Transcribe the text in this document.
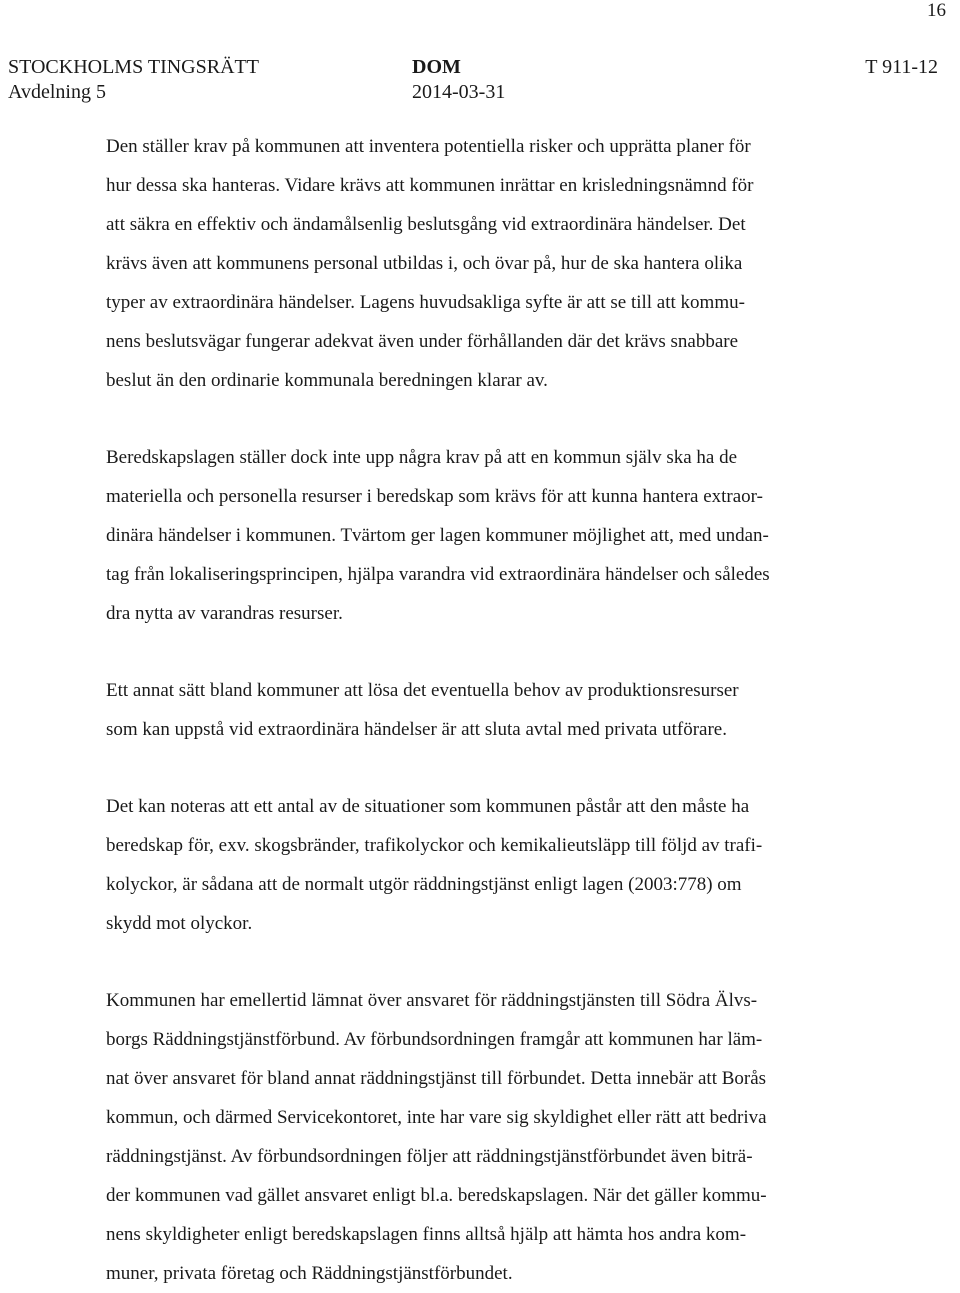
16
STOCKHOLMS TINGSRÄTT
Avdelning 5
DOM
2014-03-31
T 911-12

Den ställer krav på kommunen att inventera potentiella risker och upprätta planer för
hur dessa ska hanteras. Vidare krävs att kommunen inrättar en krisledningsnämnd för
att säkra en effektiv och ändamålsenlig beslutsgång vid extraordinära händelser. Det
krävs även att kommunens personal utbildas i, och övar på, hur de ska hantera olika
typer av extraordinära händelser. Lagens huvudsakliga syfte är att se till att kommu-
nens beslutsvägar fungerar adekvat även under förhållanden där det krävs snabbare
beslut än den ordinarie kommunala beredningen klarar av.

Beredskapslagen ställer dock inte upp några krav på att en kommun själv ska ha de
materiella och personella resurser i beredskap som krävs för att kunna hantera extraor-
dinära händelser i kommunen. Tvärtom ger lagen kommuner möjlighet att, med undan-
tag från lokaliseringsprincipen, hjälpa varandra vid extraordinära händelser och således
dra nytta av varandras resurser.

Ett annat sätt bland kommuner att lösa det eventuella behov av produktionsresurser
som kan uppstå vid extraordinära händelser är att sluta avtal med privata utförare.

Det kan noteras att ett antal av de situationer som kommunen påstår att den måste ha
beredskap för, exv. skogsbränder, trafikolyckor och kemikalieutsläpp till följd av trafi-
kolyckor, är sådana att de normalt utgör räddningstjänst enligt lagen (2003:778) om
skydd mot olyckor.

Kommunen har emellertid lämnat över ansvaret för räddningstjänsten till Södra Älvs-
borgs Räddningstjänstförbund. Av förbundsordningen framgår att kommunen har läm-
nat över ansvaret för bland annat räddningstjänst till förbundet. Detta innebär att Borås
kommun, och därmed Servicekontoret, inte har vare sig skyldighet eller rätt att bedriva
räddningstjänst. Av förbundsordningen följer att räddningstjänstförbundet även biträ-
der kommunen vad gället ansvaret enligt bl.a. beredskapslagen. När det gäller kommu-
nens skyldigheter enligt beredskapslagen finns alltså hjälp att hämta hos andra kom-
muner, privata företag och Räddningstjänstförbundet.
